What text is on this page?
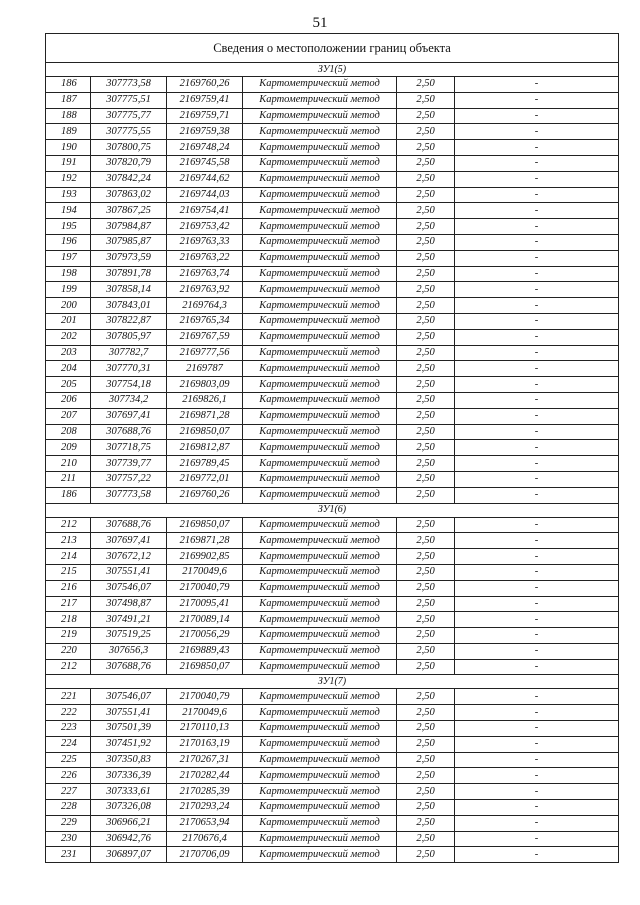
51
Сведения о местоположении границ объекта					
ЗУ1(5)					
186	307773,58	2169760,26	Картометрический метод	2,50	-
187	307775,51	2169759,41	Картометрический метод	2,50	-
188	307775,77	2169759,71	Картометрический метод	2,50	-
189	307775,55	2169759,38	Картометрический метод	2,50	-
190	307800,75	2169748,24	Картометрический метод	2,50	-
191	307820,79	2169745,58	Картометрический метод	2,50	-
192	307842,24	2169744,62	Картометрический метод	2,50	-
193	307863,02	2169744,03	Картометрический метод	2,50	-
194	307867,25	2169754,41	Картометрический метод	2,50	-
195	307984,87	2169753,42	Картометрический метод	2,50	-
196	307985,87	2169763,33	Картометрический метод	2,50	-
197	307973,59	2169763,22	Картометрический метод	2,50	-
198	307891,78	2169763,74	Картометрический метод	2,50	-
199	307858,14	2169763,92	Картометрический метод	2,50	-
200	307843,01	2169764,3	Картометрический метод	2,50	-
201	307822,87	2169765,34	Картометрический метод	2,50	-
202	307805,97	2169767,59	Картометрический метод	2,50	-
203	307782,7	2169777,56	Картометрический метод	2,50	-
204	307770,31	2169787	Картометрический метод	2,50	-
205	307754,18	2169803,09	Картометрический метод	2,50	-
206	307734,2	2169826,1	Картометрический метод	2,50	-
207	307697,41	2169871,28	Картометрический метод	2,50	-
208	307688,76	2169850,07	Картометрический метод	2,50	-
209	307718,75	2169812,87	Картометрический метод	2,50	-
210	307739,77	2169789,45	Картометрический метод	2,50	-
211	307757,22	2169772,01	Картометрический метод	2,50	-
186	307773,58	2169760,26	Картометрический метод	2,50	-
ЗУ1(6)					
212	307688,76	2169850,07	Картометрический метод	2,50	-
213	307697,41	2169871,28	Картометрический метод	2,50	-
214	307672,12	2169902,85	Картометрический метод	2,50	-
215	307551,41	2170049,6	Картометрический метод	2,50	-
216	307546,07	2170040,79	Картометрический метод	2,50	-
217	307498,87	2170095,41	Картометрический метод	2,50	-
218	307491,21	2170089,14	Картометрический метод	2,50	-
219	307519,25	2170056,29	Картометрический метод	2,50	-
220	307656,3	2169889,43	Картометрический метод	2,50	-
212	307688,76	2169850,07	Картометрический метод	2,50	-
ЗУ1(7)					
221	307546,07	2170040,79	Картометрический метод	2,50	-
222	307551,41	2170049,6	Картометрический метод	2,50	-
223	307501,39	2170110,13	Картометрический метод	2,50	-
224	307451,92	2170163,19	Картометрический метод	2,50	-
225	307350,83	2170267,31	Картометрический метод	2,50	-
226	307336,39	2170282,44	Картометрический метод	2,50	-
227	307333,61	2170285,39	Картометрический метод	2,50	-
228	307326,08	2170293,24	Картометрический метод	2,50	-
229	306966,21	2170653,94	Картометрический метод	2,50	-
230	306942,76	2170676,4	Картометрический метод	2,50	-
231	306897,07	2170706,09	Картометрический метод	2,50	-
